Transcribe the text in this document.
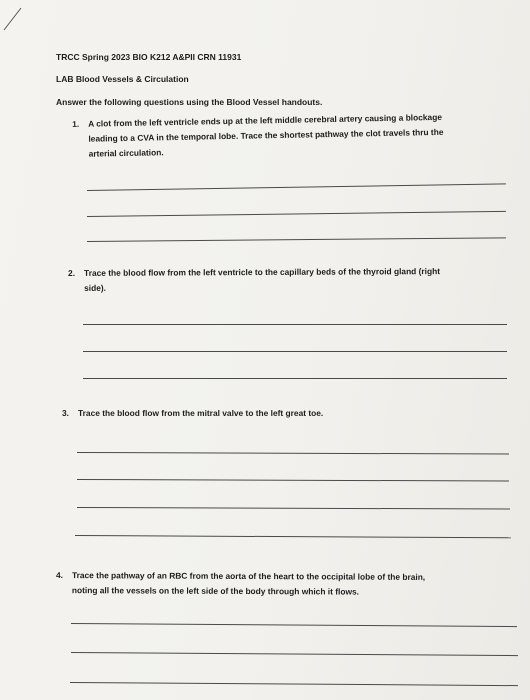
TRCC Spring 2023 BIO K212 A&PII CRN 11931
LAB Blood Vessels & Circulation
Answer the following questions using the Blood Vessel handouts.
1. A clot from the left ventricle ends up at the left middle cerebral artery causing a blockage
leading to a CVA in the temporal lobe. Trace the shortest pathway the clot travels thru the
arterial circulation.
2. Trace the blood flow from the left ventricle to the capillary beds of the thyroid gland (right
side).
3. Trace the blood flow from the mitral valve to the left great toe.
4. Trace the pathway of an RBC from the aorta of the heart to the occipital lobe of the brain,
noting all the vessels on the left side of the body through which it flows.
